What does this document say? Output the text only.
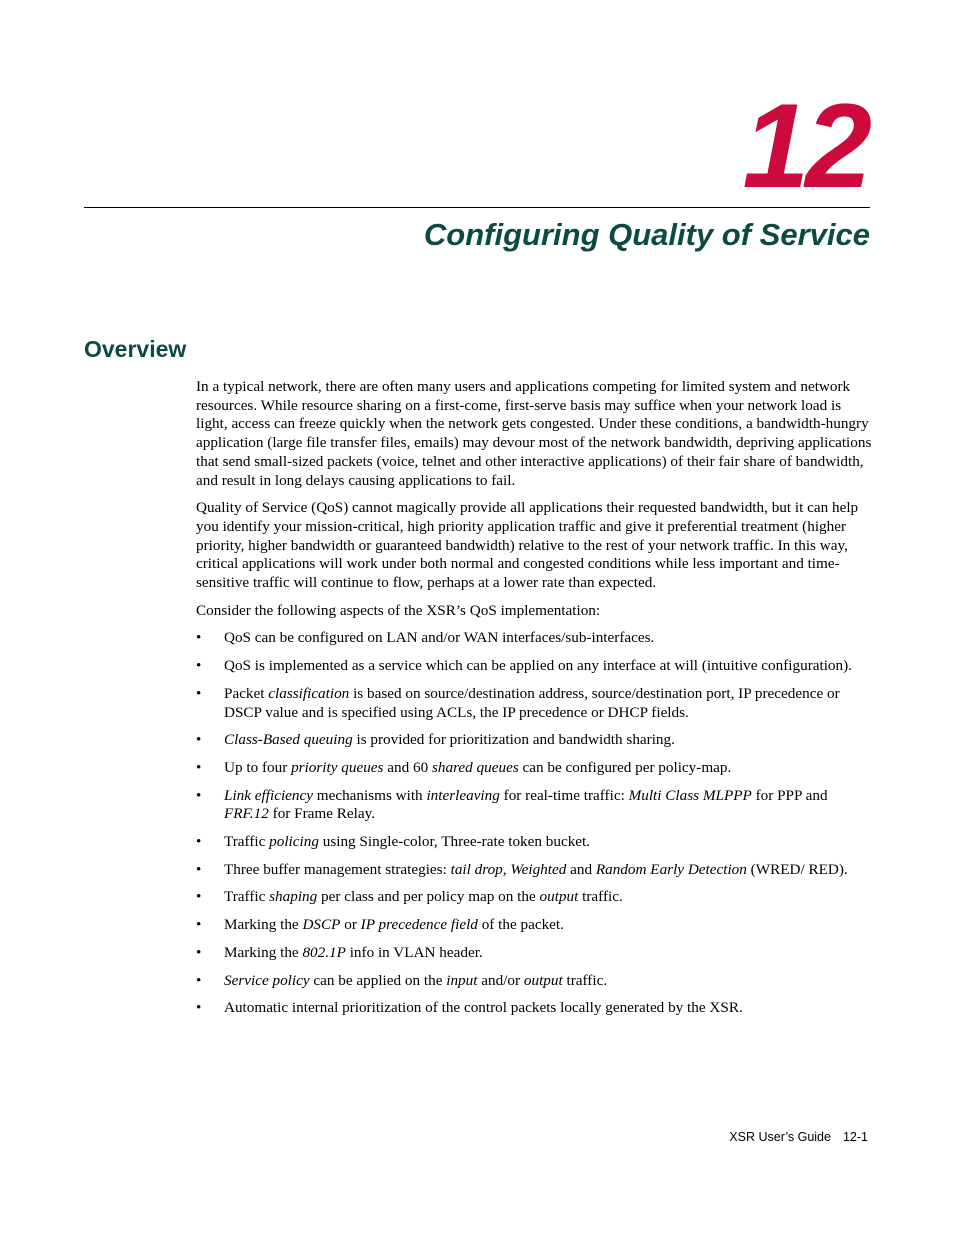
12
Configuring Quality of Service
Overview

In a typical network, there are often many users and applications competing for limited system and network resources. While resource sharing on a first-come, first-serve basis may suffice when your network load is light, access can freeze quickly when the network gets congested. Under these conditions, a bandwidth-hungry application (large file transfer files, emails) may devour most of the network bandwidth, depriving applications that send small-sized packets (voice, telnet and other interactive applications) of their fair share of bandwidth, and result in long delays causing applications to fail.

Quality of Service (QoS) cannot magically provide all applications their requested bandwidth, but it can help you identify your mission-critical, high priority application traffic and give it preferential treatment (higher priority, higher bandwidth or guaranteed bandwidth) relative to the rest of your network traffic. In this way, critical applications will work under both normal and congested conditions while less important and time-sensitive traffic will continue to flow, perhaps at a lower rate than expected.

Consider the following aspects of the XSR’s QoS implementation:

• QoS can be configured on LAN and/or WAN interfaces/sub-interfaces.
• QoS is implemented as a service which can be applied on any interface at will (intuitive configuration).
• Packet classification is based on source/destination address, source/destination port, IP precedence or DSCP value and is specified using ACLs, the IP precedence or DHCP fields.
• Class-Based queuing is provided for prioritization and bandwidth sharing.
• Up to four priority queues and 60 shared queues can be configured per policy-map.
• Link efficiency mechanisms with interleaving for real-time traffic: Multi Class MLPPP for PPP and FRF.12 for Frame Relay.
• Traffic policing using Single-color, Three-rate token bucket.
• Three buffer management strategies: tail drop, Weighted and Random Early Detection (WRED/ RED).
• Traffic shaping per class and per policy map on the output traffic.
• Marking the DSCP or IP precedence field of the packet.
• Marking the 802.1P info in VLAN header.
• Service policy can be applied on the input and/or output traffic.
• Automatic internal prioritization of the control packets locally generated by the XSR.
XSR User’s Guide 12-1
